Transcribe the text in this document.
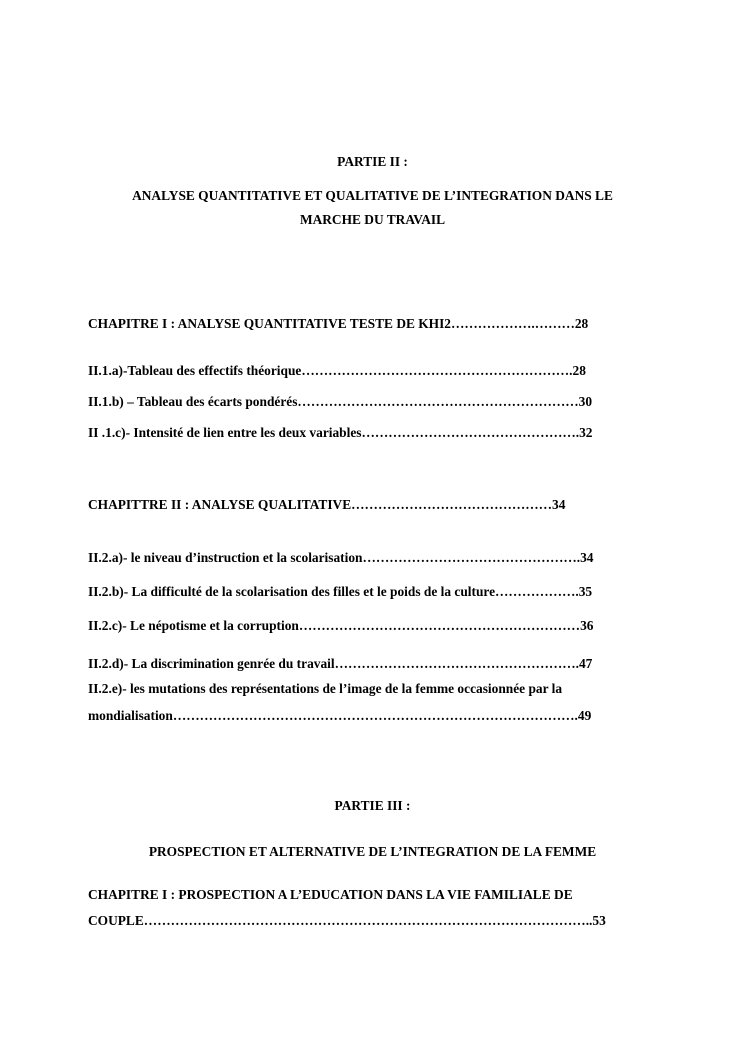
PARTIE II :
ANALYSE QUANTITATIVE ET QUALITATIVE DE L’INTEGRATION DANS LE
MARCHE DU TRAVAIL
CHAPITRE I : ANALYSE QUANTITATIVE TESTE DE KHI2……………….………28
II.1.a)-Tableau des effectifs théorique…………………………………………………….28
II.1.b) – Tableau des écarts pondérés………………………………………………………30
II .1.c)- Intensité de lien entre les deux variables………………………………………….32
CHAPITTRE II : ANALYSE QUALITATIVE………………………………………34
II.2.a)- le niveau d’instruction et la scolarisation………………………………………….34
II.2.b)- La difficulté de la scolarisation des filles et le poids de la culture……………….35
II.2.c)- Le népotisme et la corruption………………………………………………………36
II.2.d)- La discrimination genrée du travail……………………………………………….47
II.2.e)- les mutations des représentations de l’image de la femme occasionnée par la
mondialisation……………………………………………………………………………….49
PARTIE III :
PROSPECTION ET ALTERNATIVE DE L’INTEGRATION DE LA FEMME
CHAPITRE I : PROSPECTION A L’EDUCATION DANS LA VIE FAMILIALE DE
COUPLE………………………………………………………………………………………..53
